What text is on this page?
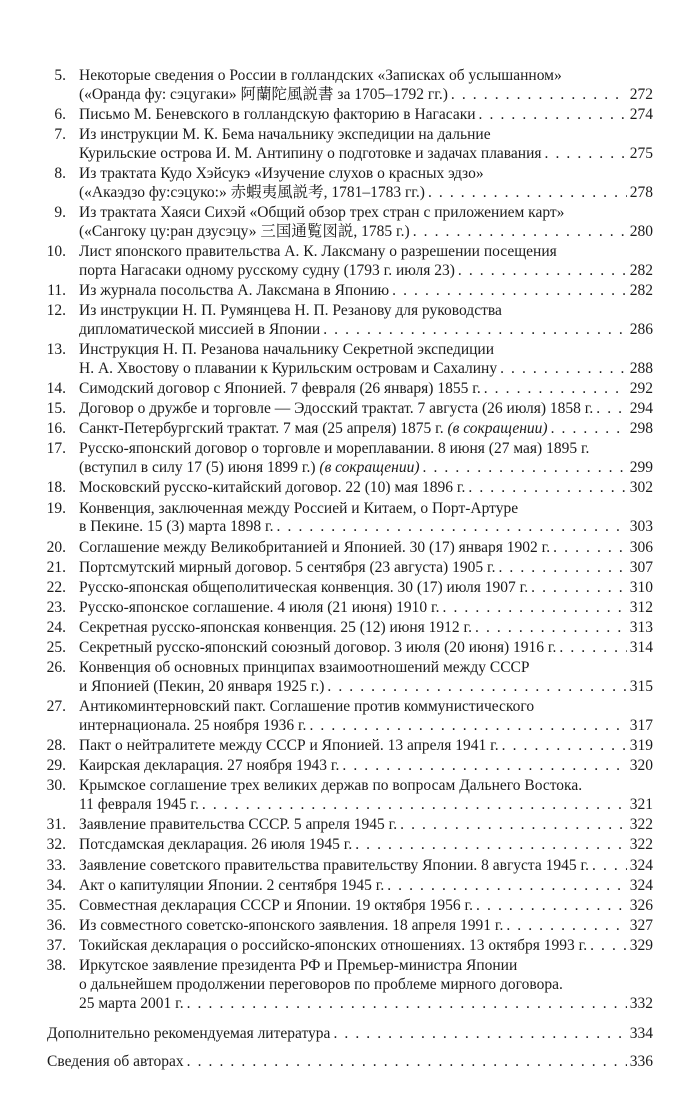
5. Некоторые сведения о России в голландских «Записках об услышанном»
(«Оранда фу: сэцугаки» 阿蘭陀風説書 за 1705–1792 гг.) . . .	272
6. Письмо М. Беневского в голландскую факторию в Нагасаки . . .	274
7. Из инструкции М. К. Бема начальнику экспедиции на дальние
Курильские острова И. М. Антипину о подготовке и задачах плавания . . .	275
8. Из трактата Кудо Хэйсукэ «Изучение слухов о красных эдзо»
(«Акаэдзо фу:сэцуко:» 赤蝦夷風説考, 1781–1783 гг.) . . .	278
9. Из трактата Хаяси Сихэй «Общий обзор трех стран с приложением карт»
(«Сангоку цу:ран дзусэцу» 三国通覧図説, 1785 г.) . . .	280
10. Лист японского правительства А. К. Лаксману о разрешении посещения
порта Нагасаки одному русскому судну (1793 г. июля 23) . . .	282
11. Из журнала посольства А. Лаксмана в Японию . . .	282
12. Из инструкции Н. П. Румянцева Н. П. Резанову для руководства
дипломатической миссией в Японии . . .	286
13. Инструкция Н. П. Резанова начальнику Секретной экспедиции
Н. А. Хвостову о плавании к Курильским островам и Сахалину . . .	288
14. Симодский договор с Японией. 7 февраля (26 января) 1855 г. . . .	292
15. Договор о дружбе и торговле — Эдосский трактат. 7 августа (26 июля) 1858 г. . . . 294
16. Санкт-Петербургский трактат. 7 мая (25 апреля) 1875 г. (в сокращении) . . .	298
17. Русско-японский договор о торговле и мореплавании. 8 июня (27 мая) 1895 г.
(вступил в силу 17 (5) июня 1899 г.) (в сокращении) . . .	299
18. Московский русско-китайский договор. 22 (10) мая 1896 г. . . .	302
19. Конвенция, заключенная между Россией и Китаем, о Порт-Артуре
в Пекине. 15 (3) марта 1898 г. . . .	303
20. Соглашение между Великобританией и Японией. 30 (17) января 1902 г. . . .	306
21. Портсмутский мирный договор. 5 сентября (23 августа) 1905 г. . . .	307
22. Русско-японская общеполитическая конвенция. 30 (17) июля 1907 г. . . .	310
23. Русско-японское соглашение. 4 июля (21 июня) 1910 г. . . .	312
24. Секретная русско-японская конвенция. 25 (12) июня 1912 г. . . .	313
25. Секретный русско-японский союзный договор. 3 июля (20 июня) 1916 г. . . .	314
26. Конвенция об основных принципах взаимоотношений между СССР
и Японией (Пекин, 20 января 1925 г.) . . .	315
27. Антикоминтерновский пакт. Соглашение против коммунистического
интернационала. 25 ноября 1936 г. . . .	317
28. Пакт о нейтралитете между СССР и Японией. 13 апреля 1941 г. . . .	319
29. Каирская декларация. 27 ноября 1943 г. . . .	320
30. Крымское соглашение трех великих держав по вопросам Дальнего Востока.
11 февраля 1945 г. . . .	321
31. Заявление правительства СССР. 5 апреля 1945 г. . . .	322
32. Потсдамская декларация. 26 июля 1945 г. . . .	322
33. Заявление советского правительства правительству Японии. 8 августа 1945 г. . . .	324
34. Акт о капитуляции Японии. 2 сентября 1945 г. . . .	324
35. Совместная декларация СССР и Японии. 19 октября 1956 г. . . .	326
36. Из совместного советско-японского заявления. 18 апреля 1991 г. . . .	327
37. Токийская декларация о российско-японских отношениях. 13 октября 1993 г. . . .	329
38. Иркутское заявление президента РФ и Премьер-министра Японии
о дальнейшем продолжении переговоров по проблеме мирного договора.
25 марта 2001 г. . . .	332
Дополнительно рекомендуемая литература . . .	334
Сведения об авторах . . .	336
